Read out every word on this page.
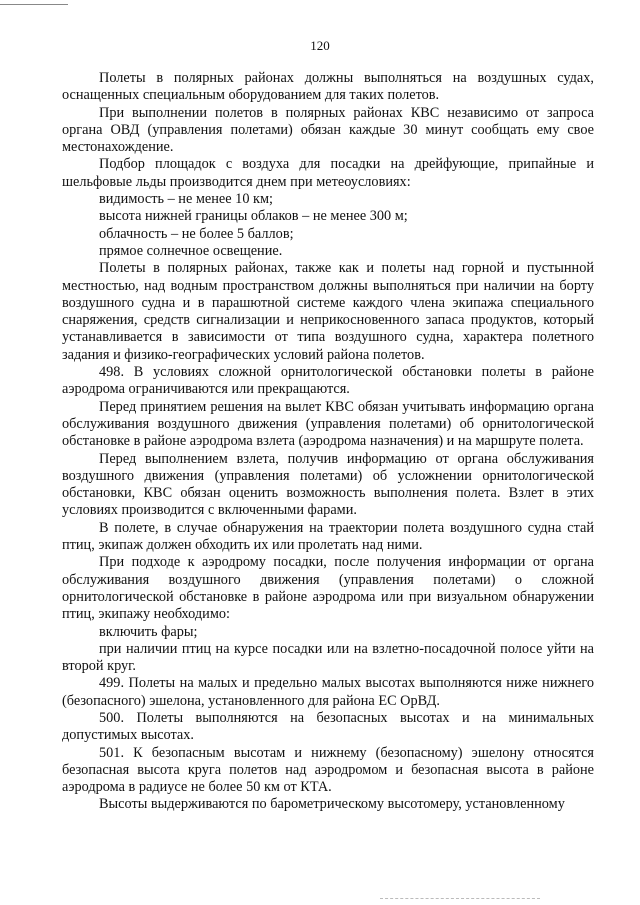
120

Полеты в полярных районах должны выполняться на воздушных судах, оснащенных специальным оборудованием для таких полетов.

При выполнении полетов в полярных районах КВС независимо от запроса органа ОВД (управления полетами) обязан каждые 30 минут сообщать ему свое местонахождение.

Подбор площадок с воздуха для посадки на дрейфующие, припайные и шельфовые льды производится днем при метеоусловиях:

видимость – не менее 10 км;

высота нижней границы облаков – не менее 300 м;

облачность – не более 5 баллов;

прямое солнечное освещение.

Полеты в полярных районах, также как и полеты над горной и пустынной местностью, над водным пространством должны выполняться при наличии на борту воздушного судна и в парашютной системе каждого члена экипажа специального снаряжения, средств сигнализации и неприкосновенного запаса продуктов, который устанавливается в зависимости от типа воздушного судна, характера полетного задания и физико-географических условий района полетов.

498. В условиях сложной орнитологической обстановки полеты в районе аэродрома ограничиваются или прекращаются.

Перед принятием решения на вылет КВС обязан учитывать информацию органа обслуживания воздушного движения (управления полетами) об орнитологической обстановке в районе аэродрома взлета (аэродрома назначения) и на маршруте полета.

Перед выполнением взлета, получив информацию от органа обслуживания воздушного движения (управления полетами) об усложнении орнитологической обстановки, КВС обязан оценить возможность выполнения полета. Взлет в этих условиях производится с включенными фарами.

В полете, в случае обнаружения на траектории полета воздушного судна стай птиц, экипаж должен обходить их или пролетать над ними.

При подходе к аэродрому посадки, после получения информации от органа обслуживания воздушного движения (управления полетами) о сложной орнитологической обстановке в районе аэродрома или при визуальном обнаружении птиц, экипажу необходимо:

включить фары;

при наличии птиц на курсе посадки или на взлетно-посадочной полосе уйти на второй круг.

499. Полеты на малых и предельно малых высотах выполняются ниже нижнего (безопасного) эшелона, установленного для района ЕС ОрВД.

500. Полеты выполняются на безопасных высотах и на минимальных допустимых высотах.

501. К безопасным высотам и нижнему (безопасному) эшелону относятся безопасная высота круга полетов над аэродромом и безопасная высота в районе аэродрома в радиусе не более 50 км от КТА.

Высоты выдерживаются по барометрическому высотомеру, установленному
